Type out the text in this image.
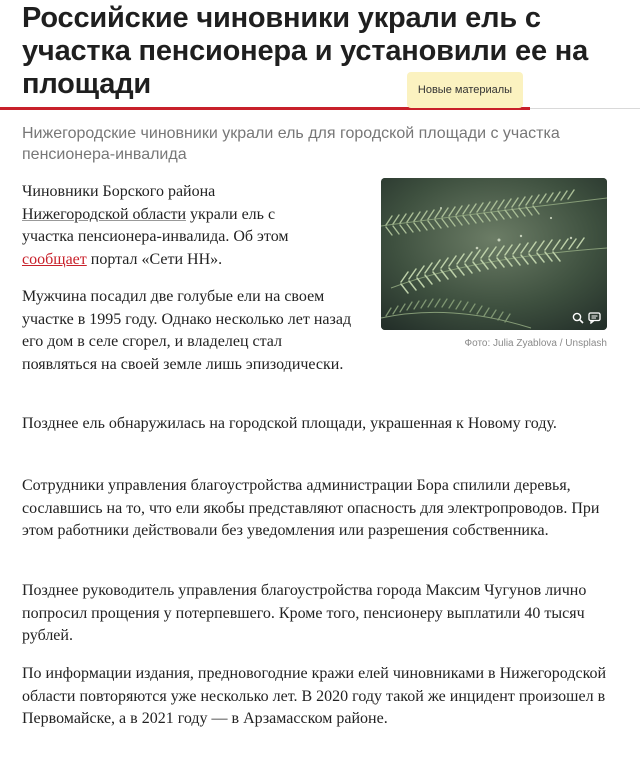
Российские чиновники украли ель с участка пенсионера и установили ее на площади	Новые материалы
Нижегородские чиновники украли ель для городской площади с участка пенсионера-инвалида
Чиновники Борского района Нижегородской области украли ель с участка пенсионера-инвалида. Об этом сообщает портал «Сети НН».
Фото: Julia Zyablova / Unsplash
Мужчина посадил две голубые ели на своем участке в 1995 году. Однако несколько лет назад его дом в селе сгорел, и владелец стал появляться на своей земле лишь эпизодически.
Позднее ель обнаружилась на городской площади, украшенная к Новому году.
Сотрудники управления благоустройства администрации Бора спилили деревья, сославшись на то, что ели якобы представляют опасность для электропроводов. При этом работники действовали без уведомления или разрешения собственника.
Позднее руководитель управления благоустройства города Максим Чугунов лично попросил прощения у потерпевшего. Кроме того, пенсионеру выплатили 40 тысяч рублей.
По информации издания, предновогодние кражи елей чиновниками в Нижегородской области повторяются уже несколько лет. В 2020 году такой же инцидент произошел в Первомайске, а в 2021 году — в Арзамасском районе.
